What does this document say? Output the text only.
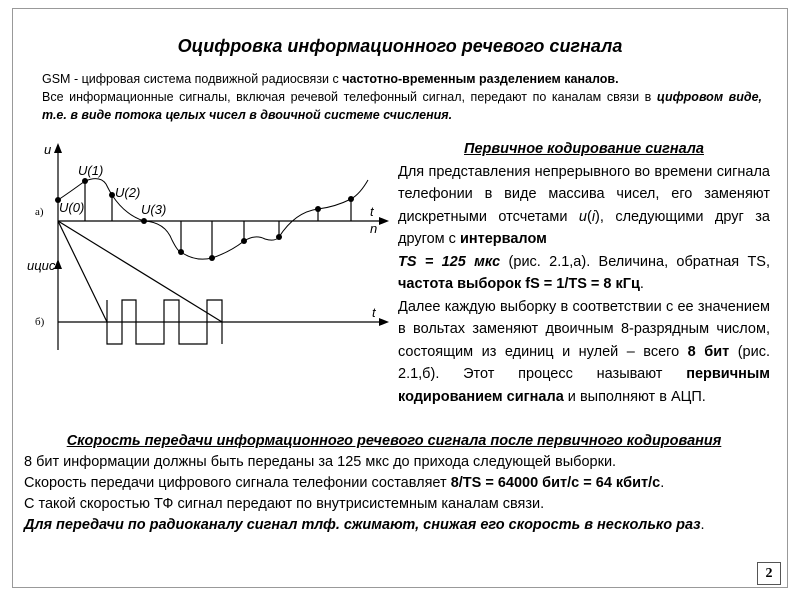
Оцифровка информационного речевого сигнала
GSM - цифровая система подвижной радиосвязи с частотно-временным разделением каналов.
Все информационные сигналы, включая речевой телефонный сигнал, передают по каналам связи в цифровом виде, т.е. в виде потока целых чисел в двоичной системе счисления.
u
t
n
t
а)
б)
U(0)
U(1)
U(2)
U(3)
uцис
Первичное кодирование сигнала

Для представления непрерывного во времени сигнала телефонии в виде массива чисел, его заменяют дискретными отсчетами u(i), следующими друг за другом с интервалом
TS = 125 мкс (рис. 2.1,а). Величина, обратная TS, частота выборок fS = 1/TS = 8 кГц.

Далее каждую выборку в соответствии с ее значением в вольтах заменяют двоичным 8-разрядным числом, состоящим из единиц и нулей – всего 8 бит (рис. 2.1,б). Этот процесс называют первичным кодированием сигнала и выполняют в АЦП.

Скорость передачи информационного речевого сигнала после первичного кодирования

8 бит информации должны быть переданы за 125 мкс до прихода следующей выборки.

Скорость передачи цифрового сигнала телефонии составляет 8/TS = 64000 бит/с = 64 кбит/с.

С такой скоростью ТФ сигнал передают по внутрисистемным каналам связи.

Для передачи по радиоканалу сигнал тлф. сжимают, снижая его скорость в несколько раз.

2
